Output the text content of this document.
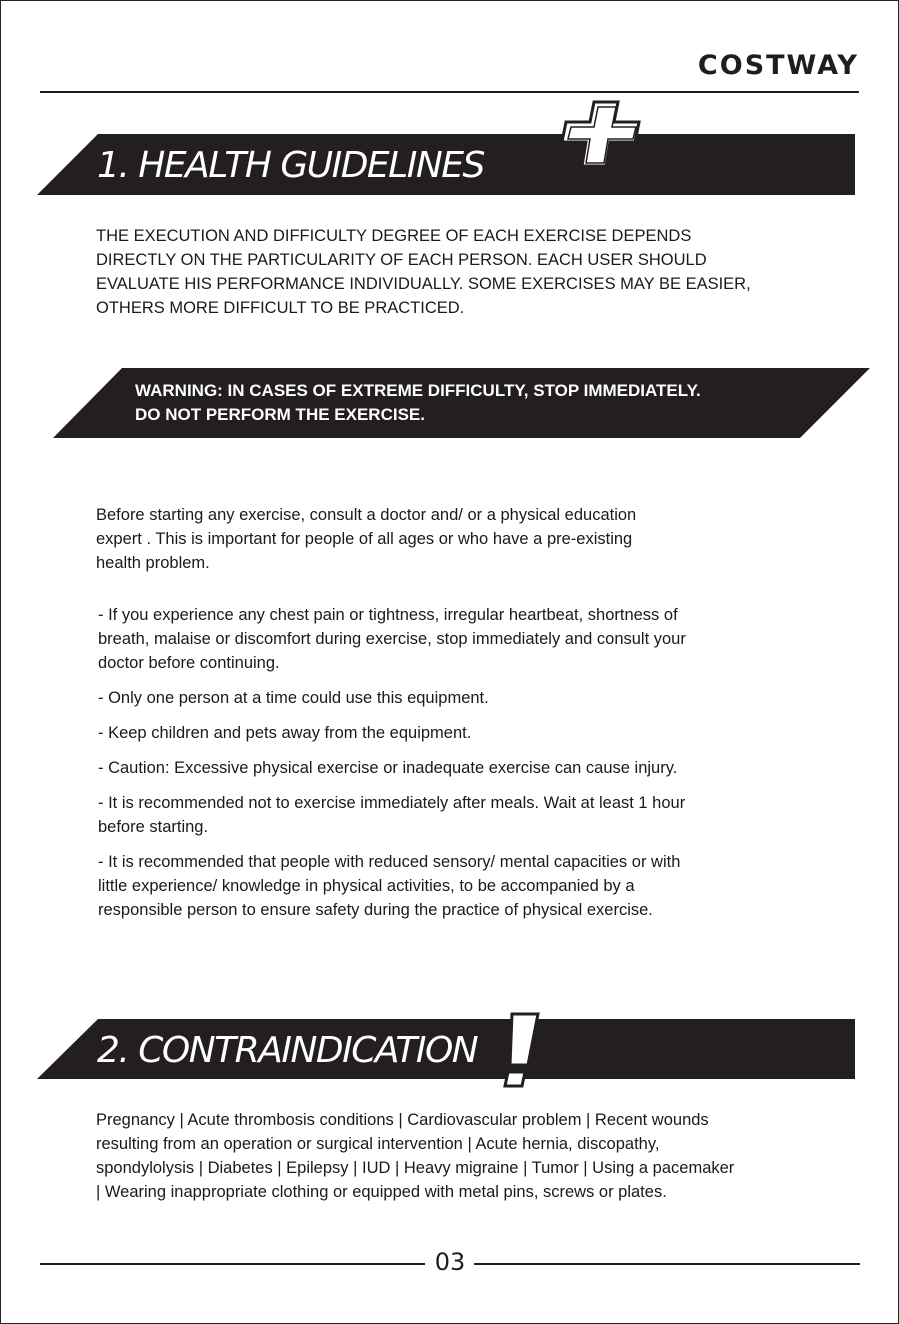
COSTWAY
1. HEALTH GUIDELINES
THE EXECUTION AND DIFFICULTY DEGREE OF EACH EXERCISE DEPENDS
DIRECTLY ON THE PARTICULARITY OF EACH PERSON. EACH USER SHOULD
EVALUATE HIS PERFORMANCE INDIVIDUALLY. SOME EXERCISES MAY BE EASIER,
OTHERS MORE DIFFICULT TO BE PRACTICED.
WARNING: IN CASES OF EXTREME DIFFICULTY, STOP IMMEDIATELY.
DO NOT PERFORM THE EXERCISE.
Before starting any exercise, consult a doctor and/ or a physical education
expert . This is important for people of all ages or who have a pre-existing
health problem.
- If you experience any chest pain or tightness, irregular heartbeat, shortness of
breath, malaise or discomfort during exercise, stop immediately and consult your
doctor before continuing.
- Only one person at a time could use this equipment.
- Keep children and pets away from the equipment.
- Caution: Excessive physical exercise or inadequate exercise can cause injury.
- It is recommended not to exercise immediately after meals. Wait at least 1 hour
before starting.
- It is recommended that people with reduced sensory/ mental capacities or with
little experience/ knowledge in physical activities, to be accompanied by a
responsible person to ensure safety during the practice of physical exercise.
2. CONTRAINDICATION
Pregnancy | Acute thrombosis conditions | Cardiovascular problem | Recent wounds
resulting from an operation or surgical intervention | Acute hernia, discopathy,
spondylolysis | Diabetes | Epilepsy | IUD | Heavy migraine | Tumor | Using a pacemaker
| Wearing inappropriate clothing or equipped with metal pins, screws or plates.
03
